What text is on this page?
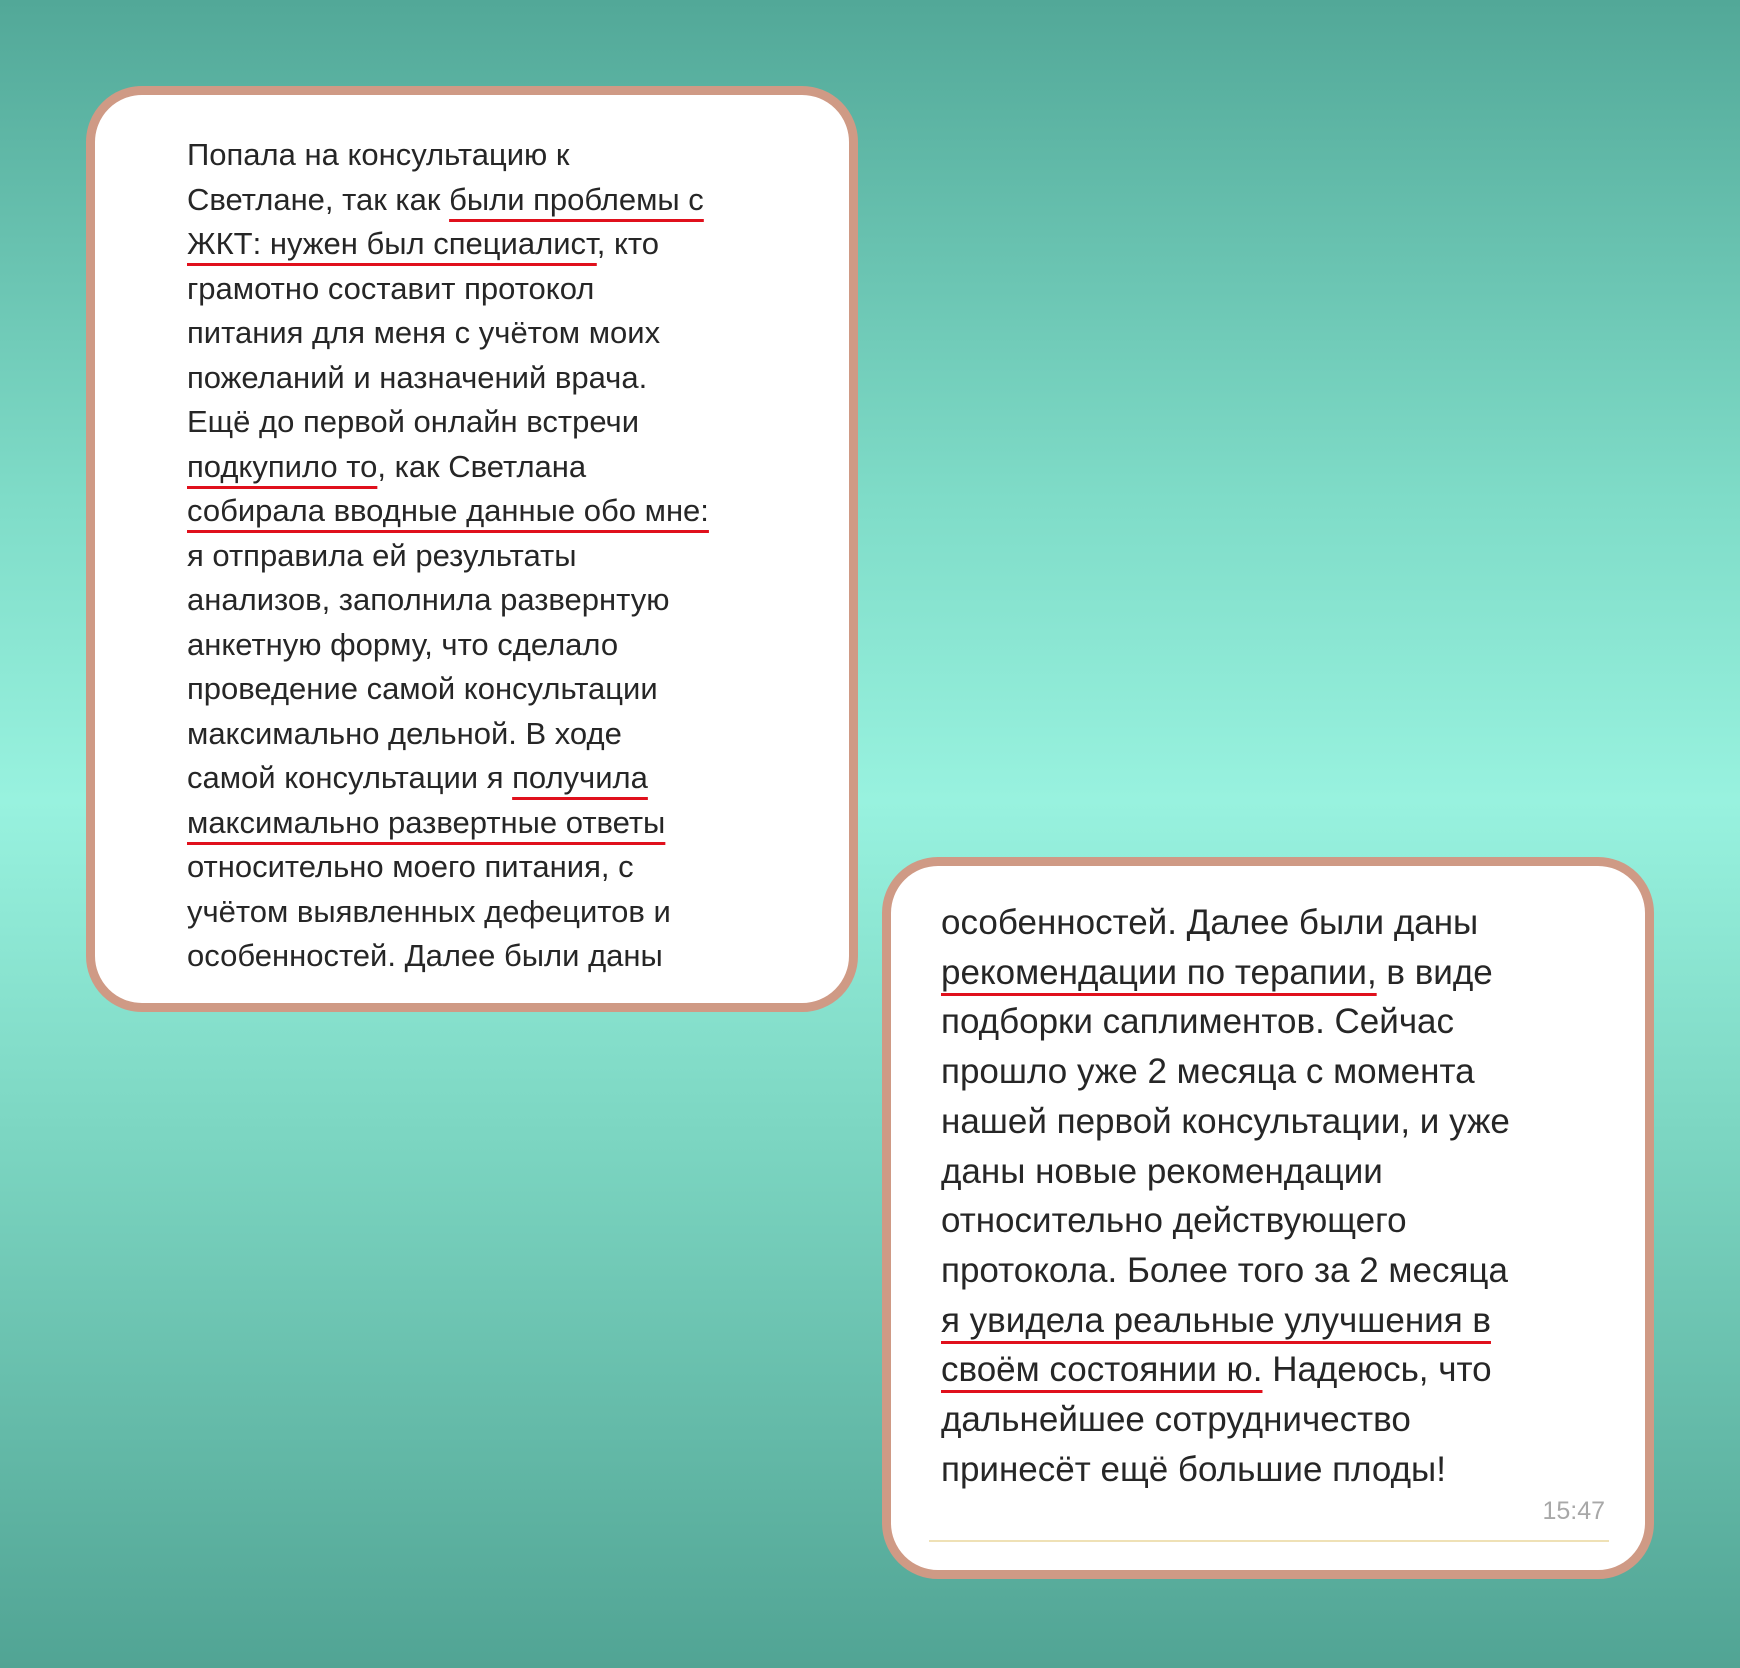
Попала на консультацию к
Светлане, так как были проблемы с
ЖКТ: нужен был специалист, кто
грамотно составит протокол
питания для меня с учётом моих
пожеланий и назначений врача.
Ещё до первой онлайн встречи
подкупило то, как Светлана
собирала вводные данные обо мне:
я отправила ей результаты
анализов, заполнила развернтую
анкетную форму, что сделало
проведение самой консультации
максимально дельной. В ходе
самой консультации я получила
максимально развертные ответы
относительно моего питания, с
учётом выявленных дефецитов и
особенностей. Далее были даны

особенностей. Далее были даны
рекомендации по терапии, в виде
подборки саплиментов. Сейчас
прошло уже 2 месяца с момента
нашей первой консультации, и уже
даны новые рекомендации
относительно действующего
протокола. Более того за 2 месяца
я увидела реальные улучшения в
своём состоянии ю. Надеюсь, что
дальнейшее сотрудничество
принесёт ещё большие плоды!

15:47
